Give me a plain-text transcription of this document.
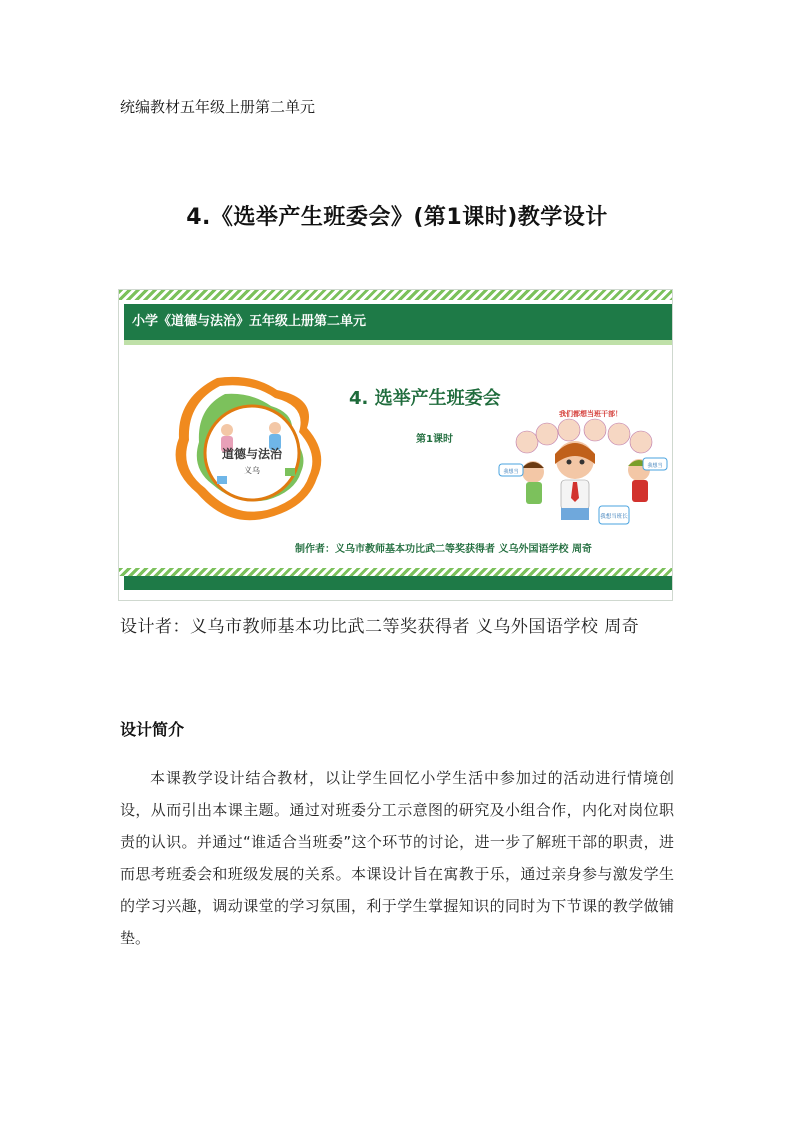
统编教材五年级上册第二单元
4.《选举产生班委会》(第1课时)教学设计
小学《道德与法治》五年级上册第二单元
道德与法治
义乌
4. 选举产生班委会
第1课时
我们都想当班干部！
我想当
我想当
我想当班长
制作者：义乌市教师基本功比武二等奖获得者 义乌外国语学校 周奇
设计者：义乌市教师基本功比武二等奖获得者 义乌外国语学校 周奇
设计简介
本课教学设计结合教材，以让学生回忆小学生活中参加过的活动进行情境创设，从而引出本课主题。通过对班委分工示意图的研究及小组合作，内化对岗位职责的认识。并通过“谁适合当班委”这个环节的讨论，进一步了解班干部的职责，进而思考班委会和班级发展的关系。本课设计旨在寓教于乐，通过亲身参与激发学生的学习兴趣，调动课堂的学习氛围，利于学生掌握知识的同时为下节课的教学做铺垫。
